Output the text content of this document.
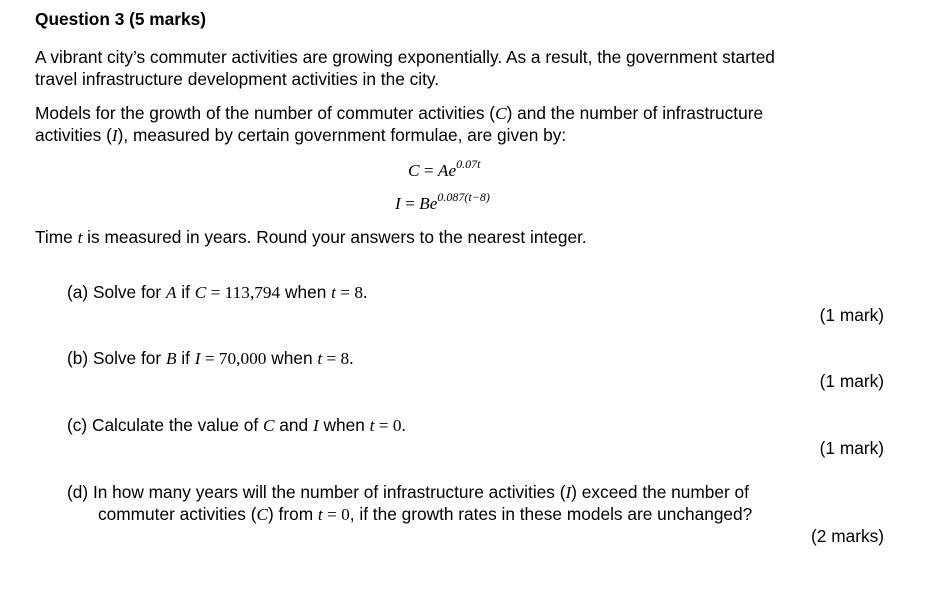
Question 3 (5 marks)
A vibrant city’s commuter activities are growing exponentially. As a result, the government started
travel infrastructure development activities in the city.
Models for the growth of the number of commuter activities (C) and the number of infrastructure
activities (I), measured by certain government formulae, are given by:
$C = Ae^{0.07t}$
$I = Be^{0.087(t-8)}$
Time t is measured in years. Round your answers to the nearest integer.
(a) Solve for A if C = 113,794 when t = 8.
(1 mark)
(b) Solve for B if I = 70,000 when t = 8.
(1 mark)
(c) Calculate the value of C and I when t = 0.
(1 mark)
(d) In how many years will the number of infrastructure activities (I) exceed the number of
commuter activities (C) from t = 0, if the growth rates in these models are unchanged?
(2 marks)
